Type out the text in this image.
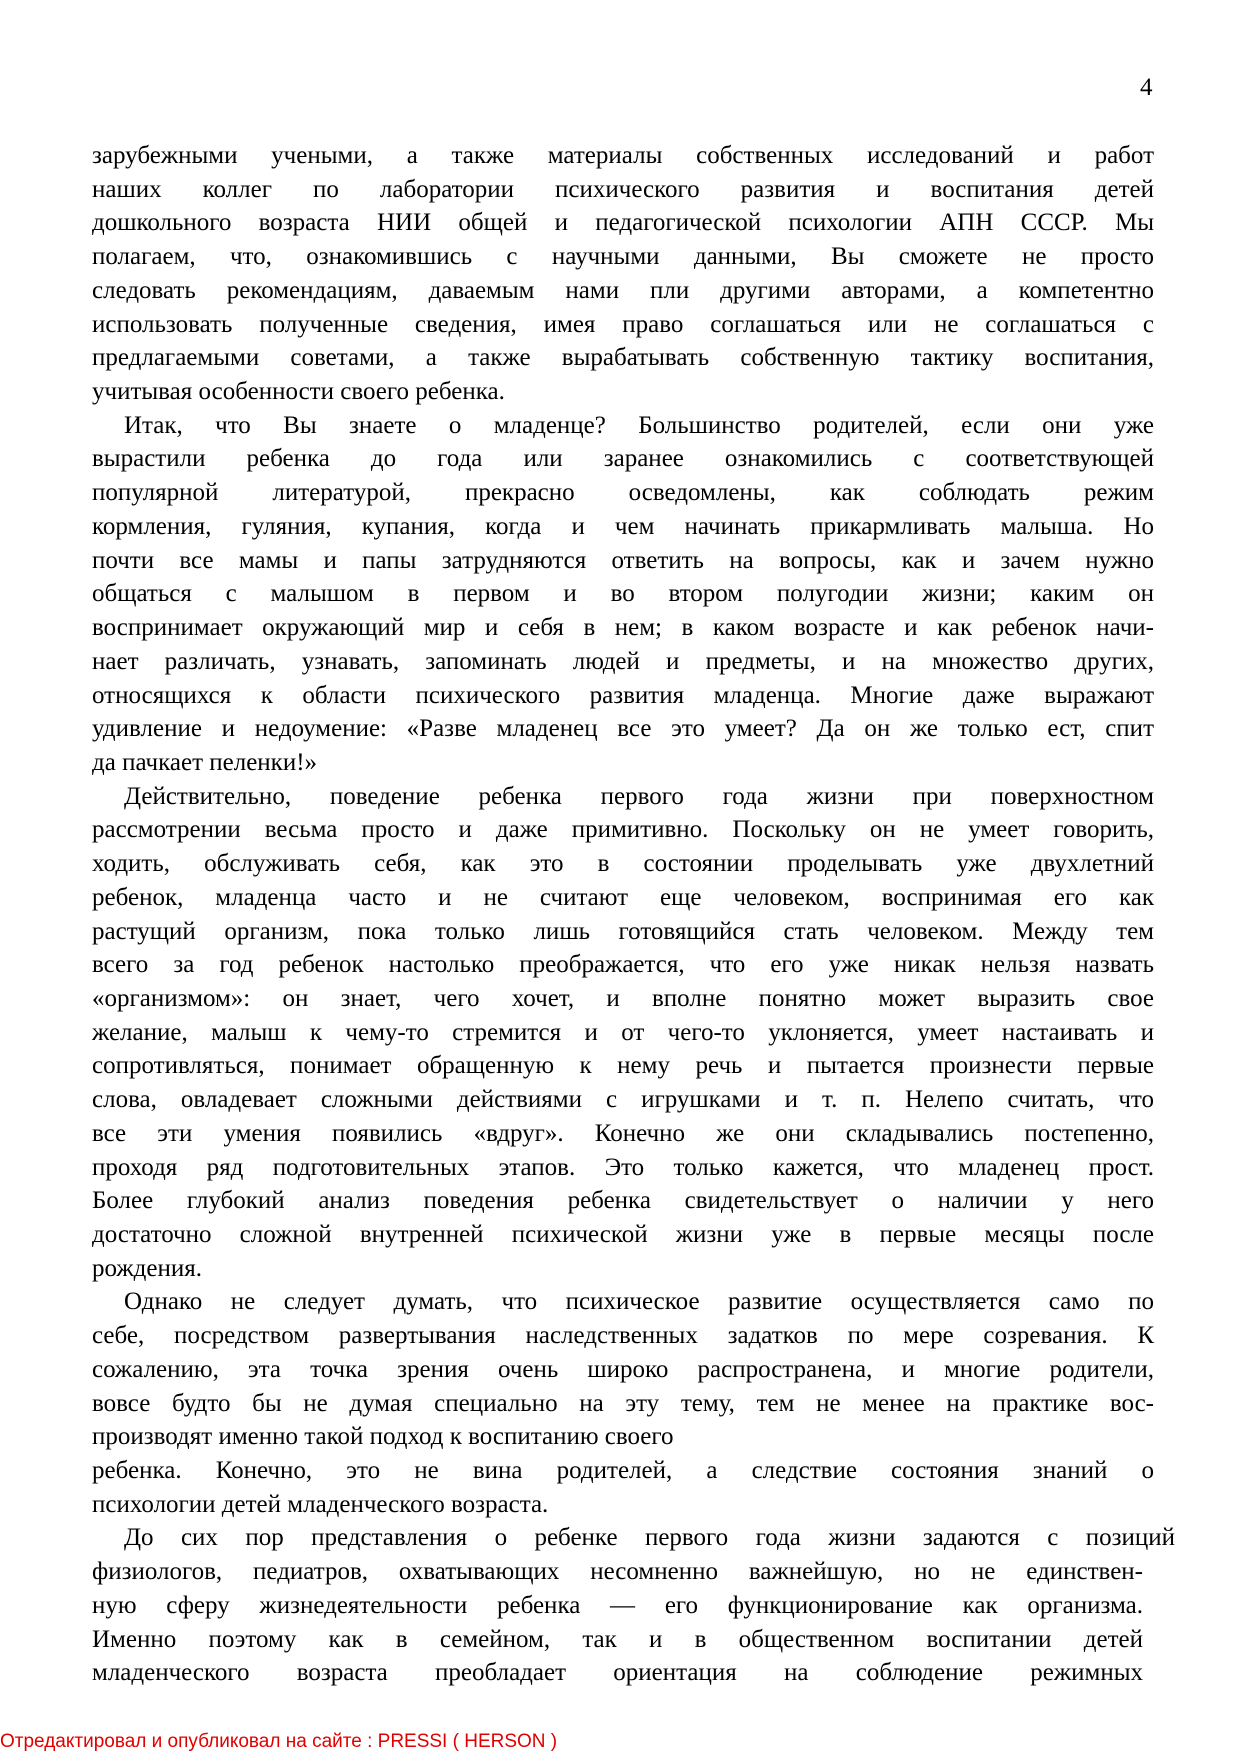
4
зарубежными учеными, а также материалы собственных исследований и работ
наших коллег по лаборатории психического развития и воспитания детей
дошкольного возраста НИИ общей и педагогической психологии АПН СССР. Мы
полагаем, что, ознакомившись с научными данными, Вы сможете не просто
следовать рекомендациям, даваемым нами пли другими авторами, а компетентно
использовать полученные сведения, имея право соглашаться или не соглашаться с
предлагаемыми советами, а также вырабатывать собственную тактику воспитания,
учитывая особенности своего ребенка.
Итак, что Вы знаете о младенце? Большинство родителей, если они уже
вырастили ребенка до года или заранее ознакомились с соответствующей
популярной литературой, прекрасно осведомлены, как соблюдать режим
кормления, гуляния, купания, когда и чем начинать прикармливать малыша. Но
почти все мамы и папы затрудняются ответить на вопросы, как и зачем нужно
общаться с малышом в первом и во втором полугодии жизни; каким он
воспринимает окружающий мир и себя в нем; в каком возрасте и как ребенок начи-
нает различать, узнавать, запоминать людей и предметы, и на множество других,
относящихся к области психического развития младенца. Многие даже выражают
удивление и недоумение: «Разве младенец все это умеет? Да он же только ест, спит
да пачкает пеленки!»
Действительно, поведение ребенка первого года жизни при поверхностном
рассмотрении весьма просто и даже примитивно. Поскольку он не умеет говорить,
ходить, обслуживать себя, как это в состоянии проделывать уже двухлетний
ребенок, младенца часто и не считают еще человеком, воспринимая его как
растущий организм, пока только лишь готовящийся стать человеком. Между тем
всего за год ребенок настолько преображается, что его уже никак нельзя назвать
«организмом»: он знает, чего хочет, и вполне понятно может выразить свое
желание, малыш к чему-то стремится и от чего-то уклоняется, умеет настаивать и
сопротивляться, понимает обращенную к нему речь и пытается произнести первые
слова, овладевает сложными действиями с игрушками и т. п. Нелепо считать, что
все эти умения появились «вдруг». Конечно же они складывались постепенно,
проходя ряд подготовительных этапов. Это только кажется, что младенец прост.
Более глубокий анализ поведения ребенка свидетельствует о наличии у него
достаточно сложной внутренней психической жизни уже в первые месяцы после
рождения.
Однако не следует думать, что психическое развитие осуществляется само по
себе, посредством развертывания наследственных задатков по мере созревания. К
сожалению, эта точка зрения очень широко распространена, и многие родители,
вовсе будто бы не думая специально на эту тему, тем не менее на практике вос-
производят именно такой подход к воспитанию своего
ребенка. Конечно, это не вина родителей, а следствие состояния знаний о
психологии детей младенческого возраста.
До сих пор представления о ребенке первого года жизни задаются с позиций
физиологов, педиатров, охватывающих несомненно важнейшую, но не единствен-
ную сферу жизнедеятельности ребенка — его функционирование как организма.
Именно поэтому как в семейном, так и в общественном воспитании детей
младенческого возраста преобладает ориентация на соблюдение режимных
Отредактировал и опубликовал на сайте : PRESSI ( HERSON )
